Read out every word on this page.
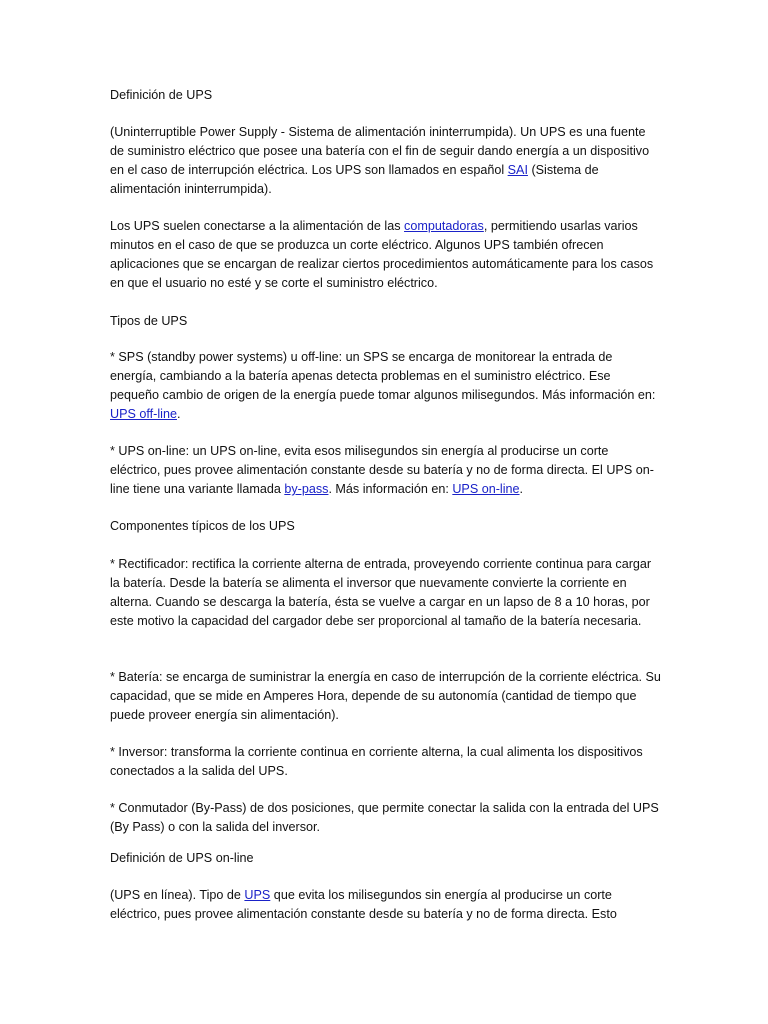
Definición de UPS

(Uninterruptible Power Supply - Sistema de alimentación ininterrumpida). Un UPS es una fuente de suministro eléctrico que posee una batería con el fin de seguir dando energía a un dispositivo en el caso de interrupción eléctrica. Los UPS son llamados en español SAI (Sistema de alimentación ininterrumpida).

Los UPS suelen conectarse a la alimentación de las computadoras, permitiendo usarlas varios minutos en el caso de que se produzca un corte eléctrico. Algunos UPS también ofrecen aplicaciones que se encargan de realizar ciertos procedimientos automáticamente para los casos en que el usuario no esté y se corte el suministro eléctrico.

Tipos de UPS

* SPS (standby power systems) u off-line: un SPS se encarga de monitorear la entrada de energía, cambiando a la batería apenas detecta problemas en el suministro eléctrico. Ese pequeño cambio de origen de la energía puede tomar algunos milisegundos. Más información en: UPS off-line.

* UPS on-line: un UPS on-line, evita esos milisegundos sin energía al producirse un corte eléctrico, pues provee alimentación constante desde su batería y no de forma directa. El UPS on-line tiene una variante llamada by-pass. Más información en: UPS on-line.

Componentes típicos de los UPS

* Rectificador: rectifica la corriente alterna de entrada, proveyendo corriente continua para cargar la batería. Desde la batería se alimenta el inversor que nuevamente convierte la corriente en alterna. Cuando se descarga la batería, ésta se vuelve a cargar en un lapso de 8 a 10 horas, por este motivo la capacidad del cargador debe ser proporcional al tamaño de la batería necesaria.

* Batería: se encarga de suministrar la energía en caso de interrupción de la corriente eléctrica. Su capacidad, que se mide en Amperes Hora, depende de su autonomía (cantidad de tiempo que puede proveer energía sin alimentación).

* Inversor: transforma la corriente continua en corriente alterna, la cual alimenta los dispositivos conectados a la salida del UPS.

* Conmutador (By-Pass) de dos posiciones, que permite conectar la salida con la entrada del UPS (By Pass) o con la salida del inversor.

Definición de UPS on-line

(UPS en línea). Tipo de UPS que evita los milisegundos sin energía al producirse un corte eléctrico, pues provee alimentación constante desde su batería y no de forma directa. Esto
